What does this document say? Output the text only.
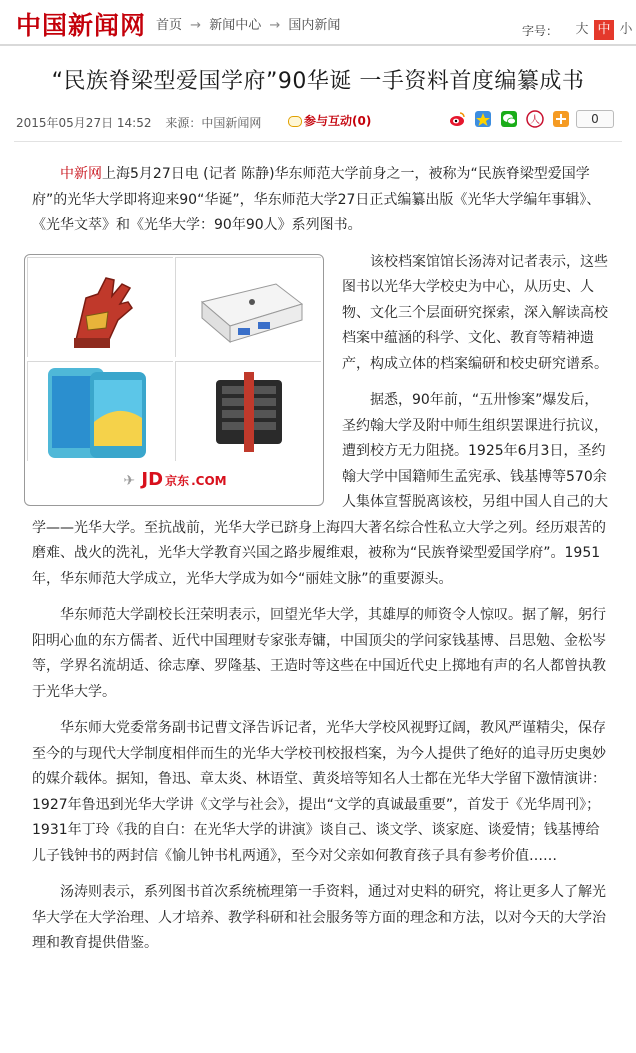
中国新闻网 首页 → 新闻中心 → 国内新闻	字号： 大 中 小
“民族脊梁型爱国学府”90华诞 一手资料首度编纂成书
2015年05月27日 14:52 来源：中国新闻网	参与互动(0)	人	0

中新网上海5月27日电 (记者 陈静)华东师范大学前身之一，被称为“民族脊梁型爱国学府”的光华大学即将迎来90“华诞”，华东师范大学27日正式编纂出版《光华大学编年事辑》、《光华文萃》和《光华大学：90年90人》系列图书。

✈ JD 京东 .COM

该校档案馆馆长汤涛对记者表示，这些图书以光华大学校史为中心，从历史、人物、文化三个层面研究探索，深入解读高校档案中蕴涵的科学、文化、教育等精神遗产，构成立体的档案编研和校史研究谱系。

据悉，90年前，“五卅惨案”爆发后，圣约翰大学及附中师生组织罢课进行抗议，遭到校方无力阻挠。1925年6月3日，圣约翰大学中国籍师生孟宪承、钱基博等570余人集体宣誓脱离该校，另组中国人自己的大学——光华大学。至抗战前，光华大学已跻身上海四大著名综合性私立大学之列。经历艰苦的磨难、战火的洗礼，光华大学教育兴国之路步履维艰，被称为“民族脊梁型爱国学府”。1951年，华东师范大学成立，光华大学成为如今“丽娃文脉”的重要源头。

华东师范大学副校长汪荣明表示，回望光华大学，其雄厚的师资令人惊叹。据了解，躬行阳明心血的东方儒者、近代中国理财专家张寿镛，中国顶尖的学问家钱基博、吕思勉、金松岑等，学界名流胡适、徐志摩、罗隆基、王造时等这些在中国近代史上掷地有声的名人都曾执教于光华大学。

华东师大党委常务副书记曹文泽告诉记者，光华大学校风视野辽阔，教风严谨精尖，保存至今的与现代大学制度相伴而生的光华大学校刊校报档案，为今人提供了绝好的追寻历史奥妙的媒介载体。据知，鲁迅、章太炎、林语堂、黄炎培等知名人士都在光华大学留下激情演讲：1927年鲁迅到光华大学讲《文学与社会》，提出“文学的真诚最重要”，首发于《光华周刊》；1931年丁玲《我的自白：在光华大学的讲演》谈自己、谈文学、谈家庭、谈爱情；钱基博给儿子钱钟书的两封信《愉儿钟书札两通》，至今对父亲如何教育孩子具有参考价值……

汤涛则表示，系列图书首次系统梳理第一手资料，通过对史料的研究，将让更多人了解光华大学在大学治理、人才培养、教学科研和社会服务等方面的理念和方法，以对今天的大学治理和教育提供借鉴。
